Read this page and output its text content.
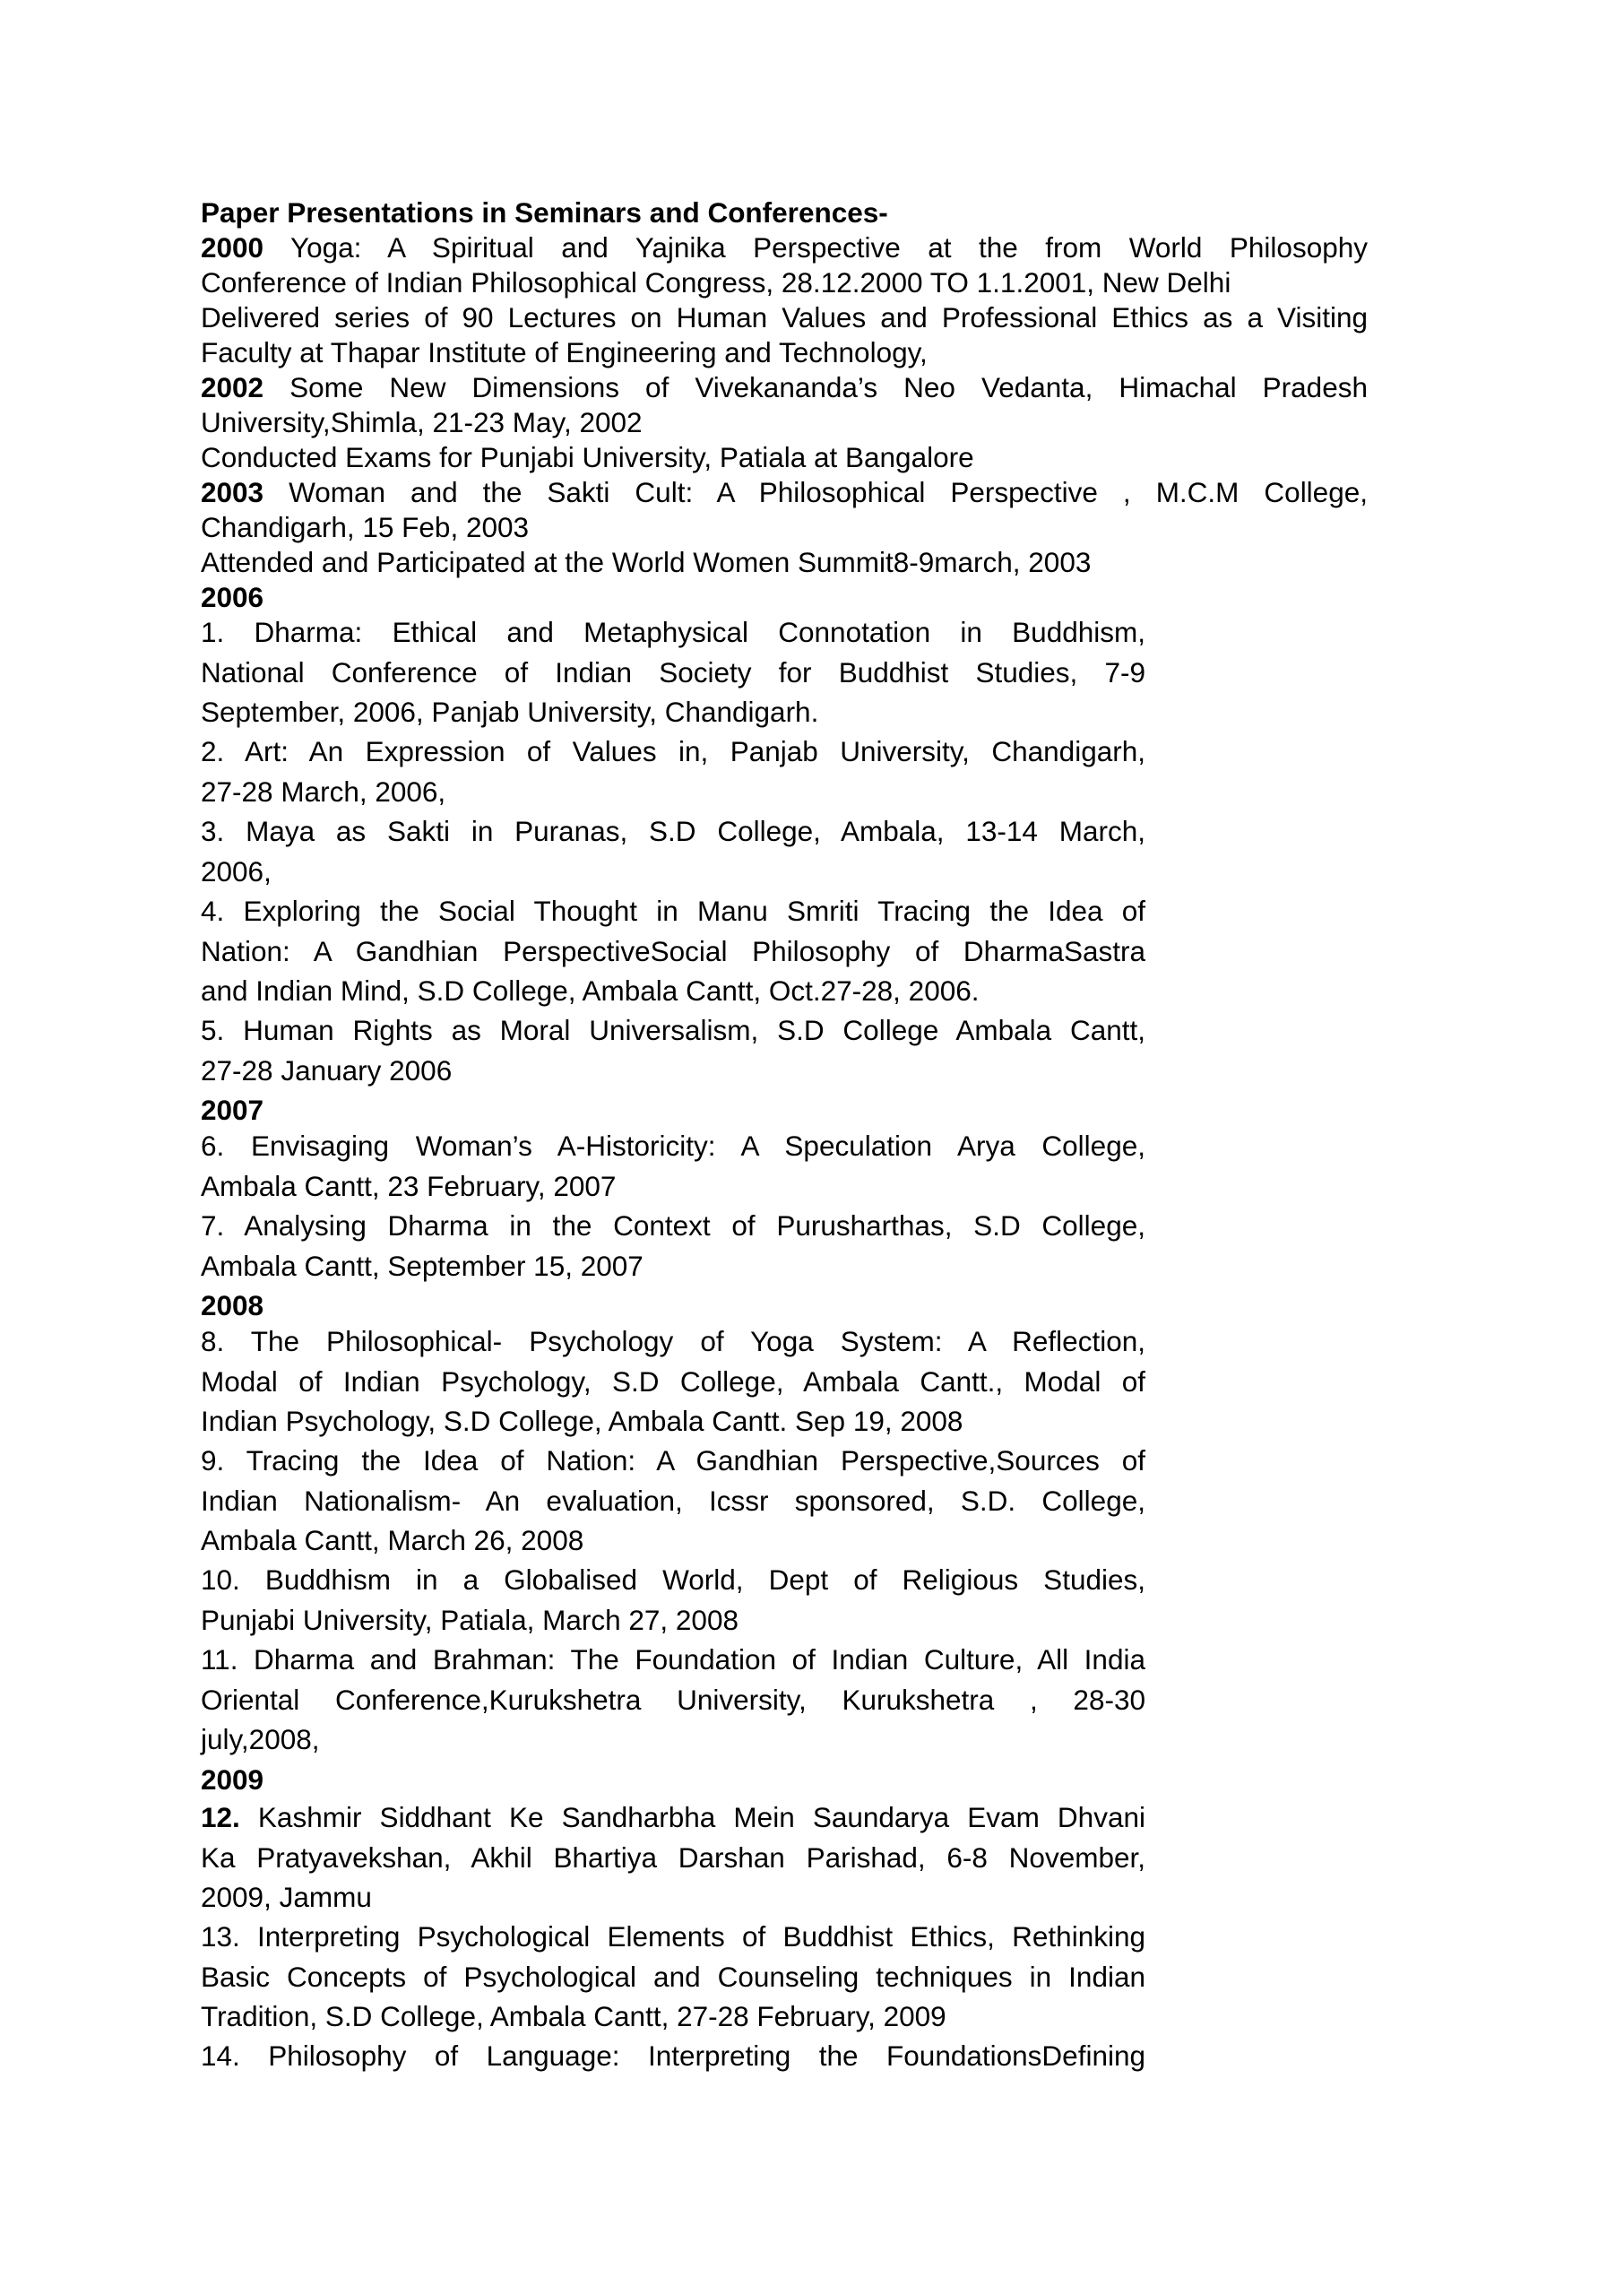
Paper Presentations in Seminars and Conferences-

2000 Yoga: A Spiritual and Yajnika Perspective at the from World Philosophy
Conference of Indian Philosophical Congress, 28.12.2000 TO 1.1.2001, New Delhi

Delivered series of 90 Lectures on Human Values and Professional Ethics as a Visiting
Faculty at Thapar Institute of Engineering and Technology,

2002 Some New Dimensions of Vivekananda’s Neo Vedanta, Himachal Pradesh
University,Shimla, 21-23 May, 2002

Conducted Exams for Punjabi University, Patiala at Bangalore

2003 Woman and the Sakti Cult: A Philosophical Perspective , M.C.M College,
Chandigarh, 15 Feb, 2003

Attended and Participated at the World Women Summit8-9march, 2003

2006

1. Dharma: Ethical and Metaphysical Connotation in Buddhism,
National Conference of Indian Society for Buddhist Studies, 7-9
September, 2006, Panjab University, Chandigarh.

2. Art: An Expression of Values in, Panjab University, Chandigarh,
27-28 March, 2006,

3. Maya as Sakti in Puranas, S.D College, Ambala, 13-14 March,
2006,

4. Exploring the Social Thought in Manu Smriti Tracing the Idea of
Nation: A Gandhian PerspectiveSocial Philosophy of DharmaSastra
and Indian Mind, S.D College, Ambala Cantt, Oct.27-28, 2006.

5. Human Rights as Moral Universalism, S.D College Ambala Cantt,
27-28 January 2006

2007

6. Envisaging Woman’s A-Historicity: A Speculation Arya College,
Ambala Cantt, 23 February, 2007

7. Analysing Dharma in the Context of Purusharthas, S.D College,
Ambala Cantt, September 15, 2007

2008

8. The Philosophical- Psychology of Yoga System: A Reflection,
Modal of Indian Psychology, S.D College, Ambala Cantt., Modal of
Indian Psychology, S.D College, Ambala Cantt. Sep 19, 2008

9. Tracing the Idea of Nation: A Gandhian Perspective,Sources of
Indian Nationalism- An evaluation, Icssr sponsored, S.D. College,
Ambala Cantt, March 26, 2008

10. Buddhism in a Globalised World, Dept of Religious Studies,
Punjabi University, Patiala, March 27, 2008

11. Dharma and Brahman: The Foundation of Indian Culture, All India
Oriental Conference,Kurukshetra University, Kurukshetra , 28-30
july,2008,

2009

12. Kashmir Siddhant Ke Sandharbha Mein Saundarya Evam Dhvani
Ka Pratyavekshan, Akhil Bhartiya Darshan Parishad, 6-8 November,
2009, Jammu

13. Interpreting Psychological Elements of Buddhist Ethics, Rethinking
Basic Concepts of Psychological and Counseling techniques in Indian
Tradition, S.D College, Ambala Cantt, 27-28 February, 2009

14. Philosophy of Language: Interpreting the FoundationsDefining
